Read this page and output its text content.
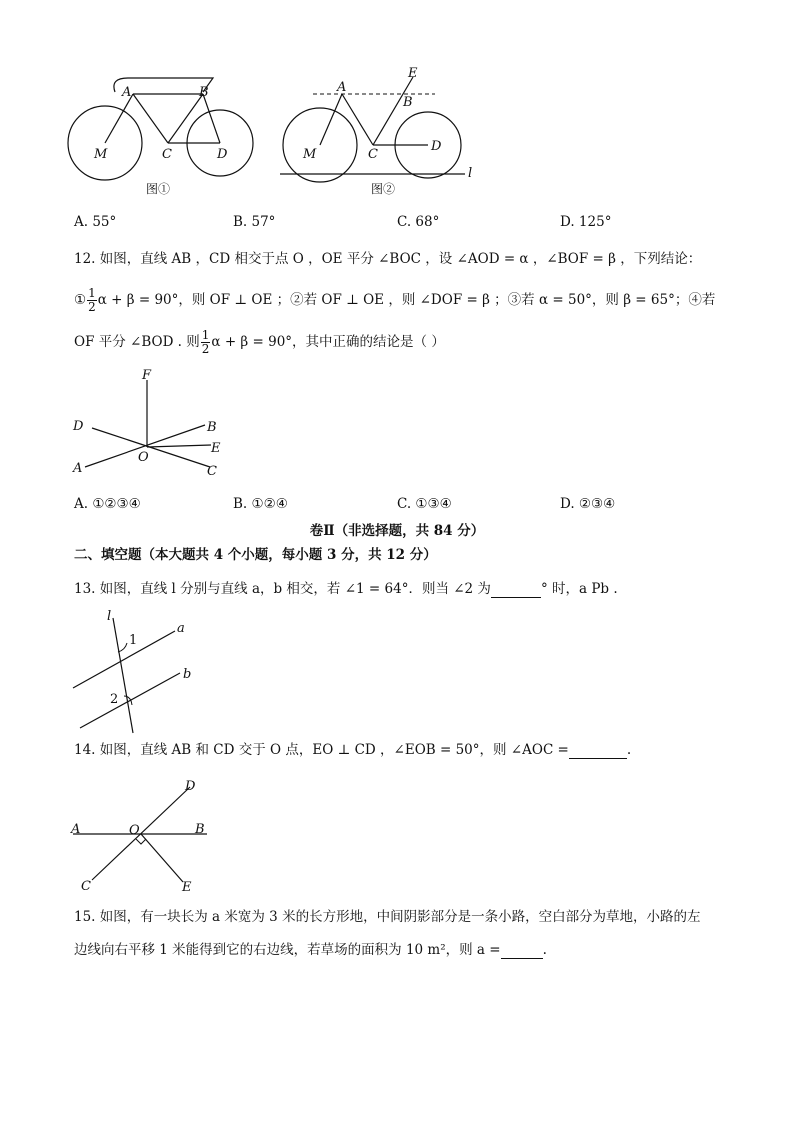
A	B
C	D
M
图①
A
B
E
C
D
M
l
图②
A. 55°	B. 57°	C. 68°	D. 125°
12. 如图，直线 AB ，CD 相交于点 O ，OE 平分 ∠BOC ，设 ∠AOD = α ，∠BOF = β ，下列结论：
① $\frac{1}{2}$ α + β = 90°，则 OF ⊥ OE ；②若 OF ⊥ OE ，则 ∠DOF = β ；③若 α = 50°，则 β = 65°；④若
OF 平分 ∠BOD . 则 $\frac{1}{2}$ α + β = 90°，其中正确的结论是（ ）
F
D	B
E
O
A	C
A. ①②③④	B. ①②④	C. ①③④	D. ②③④
卷Ⅱ（非选择题，共 84 分）
二、填空题（本大题共 4 个小题，每小题 3 分，共 12 分）
13. 如图，直线 l 分别与直线 a，b 相交，若 ∠1 = 64°．则当 ∠2 为	° 时，a Pb .
l
a
b
1
2
14. 如图，直线 AB 和 CD 交于 O 点，EO ⊥ CD ，∠EOB = 50°，则 ∠AOC =	.
A	O	B
D
C	E
15. 如图，有一块长为 a 米宽为 3 米的长方形地，中间阴影部分是一条小路，空白部分为草地，小路的左
边线向右平移 1 米能得到它的右边线，若草场的面积为 10 m²，则 a =	.
